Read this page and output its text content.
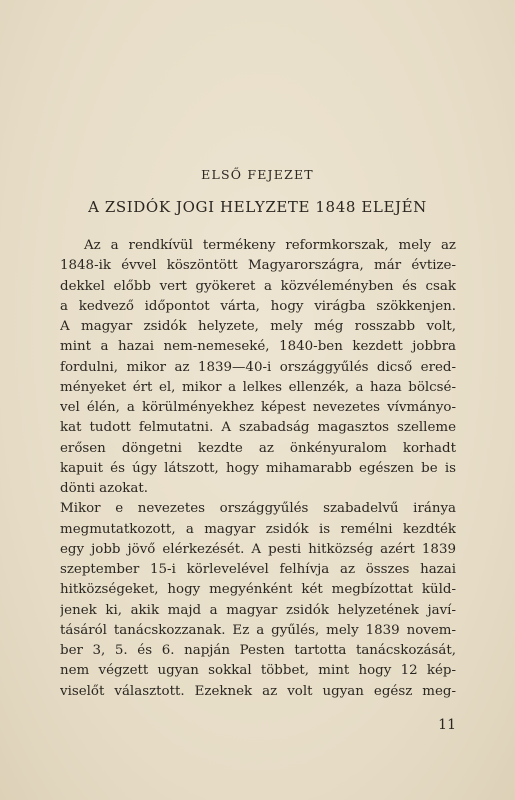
ELSŐ FEJEZET
A ZSIDÓK JOGI HELYZETE 1848 ELEJÉN
Az a rendkívül termékeny reformkorszak, mely az
1848-ik évvel köszöntött Magyarországra, már évtize-
dekkel előbb vert gyökeret a közvéleményben és csak
a kedvező időpontot várta, hogy virágba szökkenjen.
A magyar zsidók helyzete, mely még rosszabb volt,
mint a hazai nem-nemeseké, 1840-ben kezdett jobbra
fordulni, mikor az 1839—40-i országgyűlés dicső ered-
ményeket ért el, mikor a lelkes ellenzék, a haza bölcsé-
vel élén, a körülményekhez képest nevezetes vívmányo-
kat tudott felmutatni. A szabadság magasztos szelleme
erősen döngetni kezdte az önkényuralom korhadt
kapuit és úgy látszott, hogy mihamarabb egészen be is
dönti azokat.
Mikor e nevezetes országgyűlés szabadelvű iránya
megmutatkozott, a magyar zsidók is remélni kezdték
egy jobb jövő elérkezését. A pesti hitközség azért 1839
szeptember 15-i körlevelével felhívja az összes hazai
hitközségeket, hogy megyénként két megbízottat küld-
jenek ki, akik majd a magyar zsidók helyzetének javí-
tásáról tanácskozzanak. Ez a gyűlés, mely 1839 novem-
ber 3, 5. és 6. napján Pesten tartotta tanácskozását,
nem végzett ugyan sokkal többet, mint hogy 12 kép-
viselőt választott. Ezeknek az volt ugyan egész meg-
11
